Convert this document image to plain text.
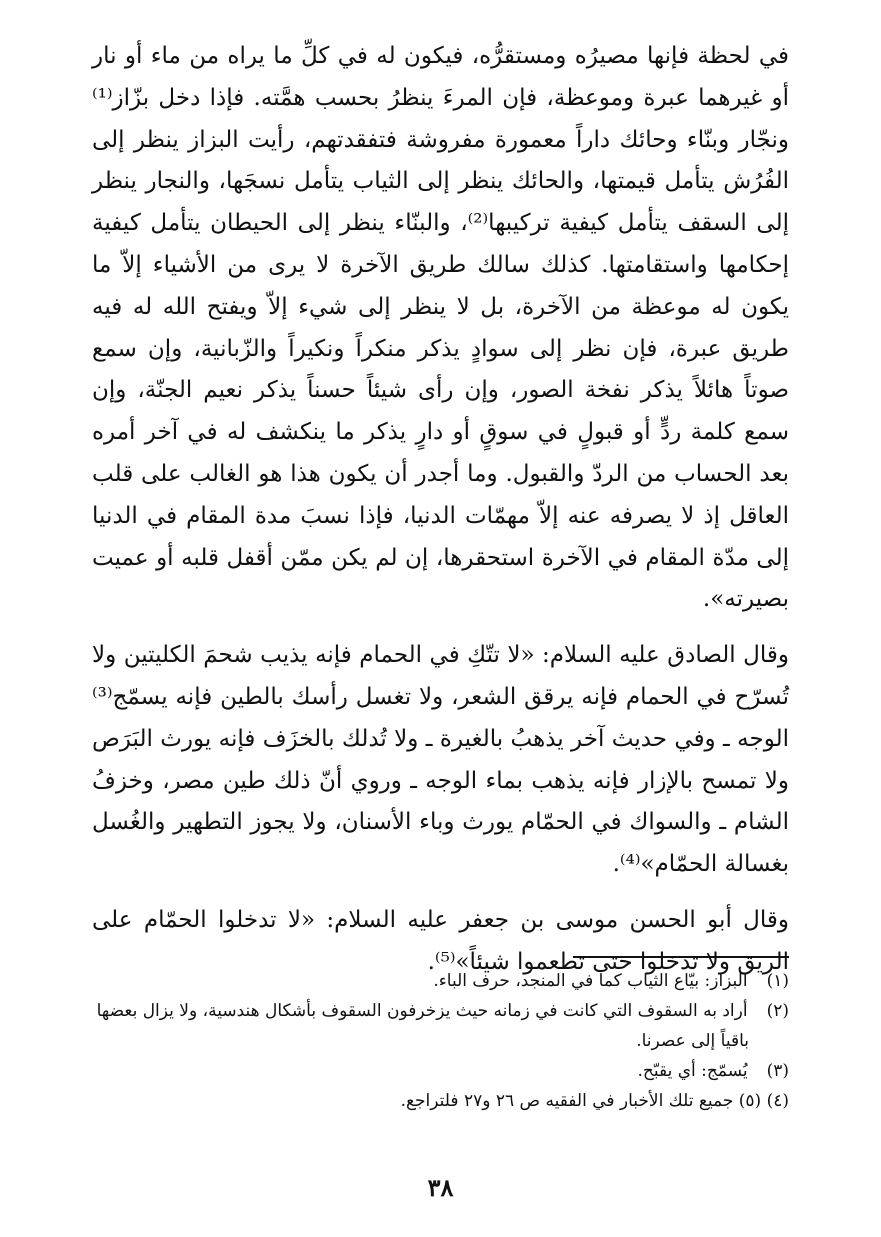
في لحظة فإنها مصيرُه ومستقرُّه، فيكون له في كلِّ ما يراه من ماء أو نار أو غيرهما عبرة وموعظة، فإن المرءَ ينظرُ بحسب همَّته. فإذا دخل بزّاز⁽¹⁾ ونجّار وبنّاء وحائك داراً معمورة مفروشة فتفقدتهم، رأيت البزاز ينظر إلى الفُرُش يتأمل قيمتها، والحائك ينظر إلى الثياب يتأمل نسجَها، والنجار ينظر إلى السقف يتأمل كيفية تركيبها⁽²⁾، والبنّاء ينظر إلى الحيطان يتأمل كيفية إحكامها واستقامتها. كذلك سالك طريق الآخرة لا يرى من الأشياء إلاّ ما يكون له موعظة من الآخرة، بل لا ينظر إلى شيء إلاّ ويفتح الله له فيه طريق عبرة، فإن نظر إلى سوادٍ يذكر منكراً ونكيراً والزّبانية، وإن سمع صوتاً هائلاً يذكر نفخة الصور، وإن رأى شيئاً حسناً يذكر نعيم الجنّة، وإن سمع كلمة ردٍّ أو قبولٍ في سوقٍ أو دارٍ يذكر ما ينكشف له في آخر أمره بعد الحساب من الردّ والقبول. وما أجدر أن يكون هذا هو الغالب على قلب العاقل إذ لا يصرفه عنه إلاّ مهمّات الدنيا، فإذا نسبَ مدة المقام في الدنيا إلى مدّة المقام في الآخرة استحقرها، إن لم يكن ممّن أقفل قلبه أو عميت بصيرته».

وقال الصادق عليه السلام: «لا تتّكِ في الحمام فإنه يذيب شحمَ الكليتين ولا تُسرّح في الحمام فإنه يرقق الشعر، ولا تغسل رأسك بالطين فإنه يسمّج⁽³⁾ الوجه ـ وفي حديث آخر يذهبُ بالغيرة ـ ولا تُدلك بالخزَف فإنه يورث البَرَص ولا تمسح بالإزار فإنه يذهب بماء الوجه ـ وروي أنّ ذلك طين مصر، وخزفُ الشام ـ والسواك في الحمّام يورث وباء الأسنان، ولا يجوز التطهير والغُسل بغسالة الحمّام»⁽⁴⁾.

وقال أبو الحسن موسى بن جعفر عليه السلام: «لا تدخلوا الحمّام على الريق ولا تدخلوا حتى تطعموا شيئاً»⁽⁵⁾.

(١) البزاز: بيّاع الثياب كما في المنجد، حرف الباء.
(٢) أراد به السقوف التي كانت في زمانه حيث يزخرفون السقوف بأشكال هندسية، ولا يزال بعضها باقياً إلى عصرنا.
(٣) يُسمّج: أي يقبّح.
(٤) (٥) جميع تلك الأخبار في الفقيه ص ٢٦ و٢٧ فلتراجع.
٣٨
